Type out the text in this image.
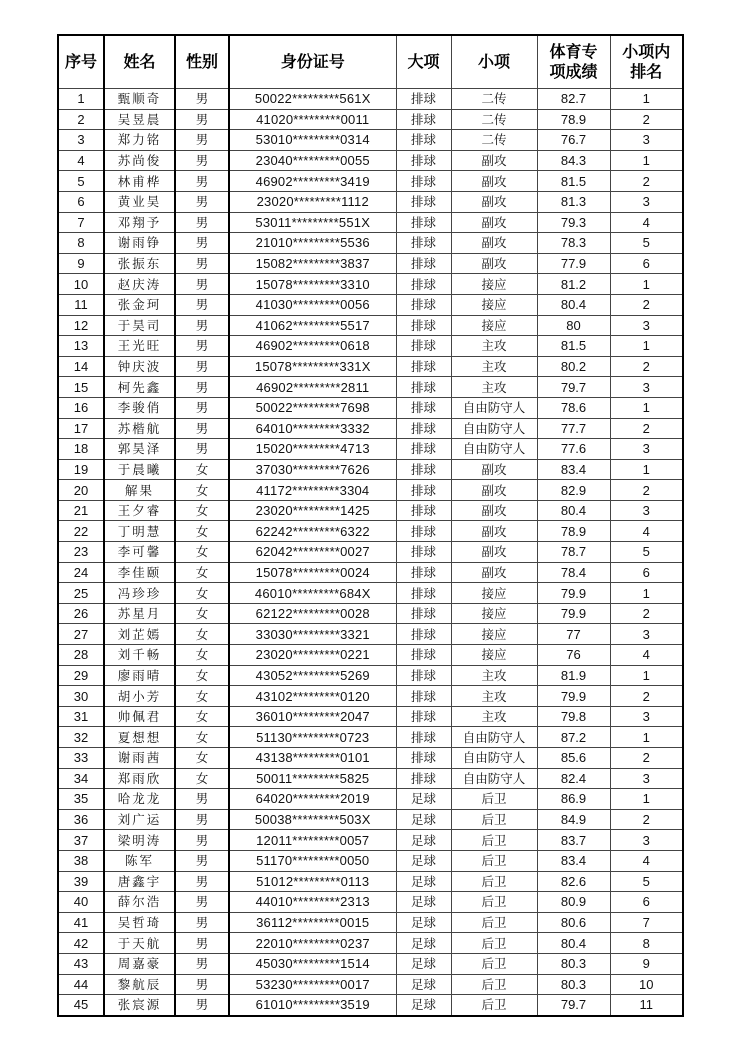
序号	姓名	性别	身份证号	大项	小项	体育专项成绩	小项内排名
1	甄顺奇	男	50022*********561X	排球	二传	82.7	1
2	吴昱晨	男	41020*********0011	排球	二传	78.9	2
3	郑力铭	男	53010*********0314	排球	二传	76.7	3
4	苏尚俊	男	23040*********0055	排球	副攻	84.3	1
5	林甫桦	男	46902*********3419	排球	副攻	81.5	2
6	黄业昊	男	23020*********1112	排球	副攻	81.3	3
7	邓翔予	男	53011*********551X	排球	副攻	79.3	4
8	谢雨铮	男	21010*********5536	排球	副攻	78.3	5
9	张振东	男	15082*********3837	排球	副攻	77.9	6
10	赵庆涛	男	15078*********3310	排球	接应	81.2	1
11	张金珂	男	41030*********0056	排球	接应	80.4	2
12	于昊司	男	41062*********5517	排球	接应	80	3
13	王光旺	男	46902*********0618	排球	主攻	81.5	1
14	钟庆波	男	15078*********331X	排球	主攻	80.2	2
15	柯先鑫	男	46902*********2811	排球	主攻	79.7	3
16	李骏俏	男	50022*********7698	排球	自由防守人	78.6	1
17	苏楷航	男	64010*********3332	排球	自由防守人	77.7	2
18	郭昊泽	男	15020*********4713	排球	自由防守人	77.6	3
19	于晨曦	女	37030*********7626	排球	副攻	83.4	1
20	解果	女	41172*********3304	排球	副攻	82.9	2
21	王夕睿	女	23020*********1425	排球	副攻	80.4	3
22	丁明慧	女	62242*********6322	排球	副攻	78.9	4
23	李可馨	女	62042*********0027	排球	副攻	78.7	5
24	李佳颐	女	15078*********0024	排球	副攻	78.4	6
25	冯珍珍	女	46010*********684X	排球	接应	79.9	1
26	苏星月	女	62122*********0028	排球	接应	79.9	2
27	刘芷嫣	女	33030*********3321	排球	接应	77	3
28	刘千畅	女	23020*********0221	排球	接应	76	4
29	廖雨晴	女	43052*********5269	排球	主攻	81.9	1
30	胡小芳	女	43102*********0120	排球	主攻	79.9	2
31	帅佩君	女	36010*********2047	排球	主攻	79.8	3
32	夏想想	女	51130*********0723	排球	自由防守人	87.2	1
33	谢雨茜	女	43138*********0101	排球	自由防守人	85.6	2
34	郑雨欣	女	50011*********5825	排球	自由防守人	82.4	3
35	哈龙龙	男	64020*********2019	足球	后卫	86.9	1
36	刘广运	男	50038*********503X	足球	后卫	84.9	2
37	梁明涛	男	12011*********0057	足球	后卫	83.7	3
38	陈军	男	51170*********0050	足球	后卫	83.4	4
39	唐鑫宇	男	51012*********0113	足球	后卫	82.6	5
40	薛尔浩	男	44010*********2313	足球	后卫	80.9	6
41	吴哲琦	男	36112*********0015	足球	后卫	80.6	7
42	于天航	男	22010*********0237	足球	后卫	80.4	8
43	周嘉豪	男	45030*********1514	足球	后卫	80.3	9
44	黎航辰	男	53230*********0017	足球	后卫	80.3	10
45	张宸源	男	61010*********3519	足球	后卫	79.7	11
